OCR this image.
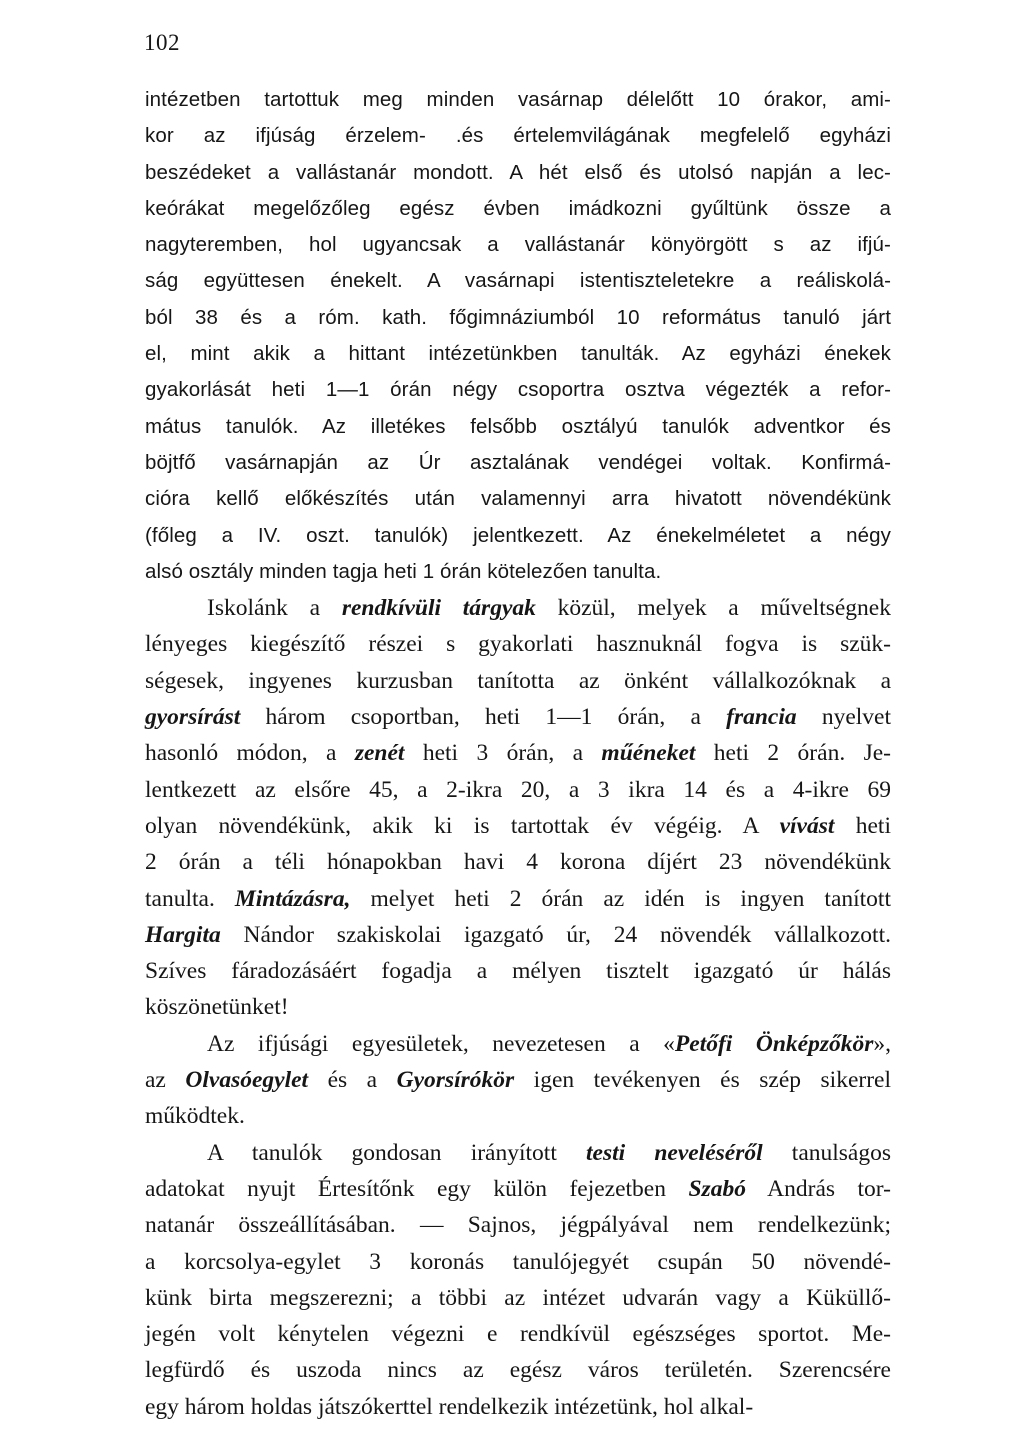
102
intézetben tartottuk meg minden vasárnap délelőtt 10 órakor, ami-
kor az ifjúság érzelem- .és értelemvilágának megfelelő egyházi
beszédeket a vallástanár mondott. A hét első és utolsó napján a lec-
keórákat megelőzőleg egész évben imádkozni gyűltünk össze a
nagyteremben, hol ugyancsak a vallástanár könyörgött s az ifjú-
ság együttesen énekelt. A vasárnapi istentiszteletekre a reáliskolá-
ból 38 és a róm. kath. főgimnáziumból 10 református tanuló járt
el, mint akik a hittant intézetünkben tanulták. Az egyházi énekek
gyakorlását heti 1—1 órán négy csoportra osztva végezték a refor-
mátus tanulók. Az illetékes felsőbb osztályú tanulók adventkor és
böjtfő vasárnapján az Úr asztalának vendégei voltak. Konfirmá-
cióra kellő előkészítés után valamennyi arra hivatott növendékünk
(főleg a IV. oszt. tanulók) jelentkezett. Az énekelméletet a négy
alsó osztály minden tagja heti 1 órán kötelezően tanulta.
Iskolánk a rendkívüli tárgyak közül, melyek a műveltségnek
lényeges kiegészítő részei s gyakorlati hasznuknál fogva is szük-
ségesek, ingyenes kurzusban tanította az önként vállalkozóknak a
gyorsírást három csoportban, heti 1—1 órán, a francia nyelvet
hasonló módon, a zenét heti 3 órán, a műéneket heti 2 órán. Je-
lentkezett az elsőre 45, a 2-ikra 20, a 3 ikra 14 és a 4-ikre 69
olyan növendékünk, akik ki is tartottak év végéig. A vívást heti
2 órán a téli hónapokban havi 4 korona díjért 23 növendékünk
tanulta. Mintázásra, melyet heti 2 órán az idén is ingyen tanított
Hargita Nándor szakiskolai igazgató úr, 24 növendék vállalkozott.
Szíves fáradozásáért fogadja a mélyen tisztelt igazgató úr hálás
köszönetünket!
Az ifjúsági egyesületek, nevezetesen a «Petőfi Önképzőkör»,
az Olvasóegylet és a Gyorsírókör igen tevékenyen és szép sikerrel
működtek.
A tanulók gondosan irányított testi neveléséről tanulságos
adatokat nyujt Értesítőnk egy külön fejezetben Szabó András tor-
natanár összeállításában. — Sajnos, jégpályával nem rendelkezünk;
a korcsolya-egylet 3 koronás tanulójegyét csupán 50 növendé-
künk birta megszerezni; a többi az intézet udvarán vagy a Küküllő-
jegén volt kénytelen végezni e rendkívül egészséges sportot. Me-
legfürdő és uszoda nincs az egész város területén. Szerencsére
egy három holdas játszókerttel rendelkezik intézetünk, hol alkal-
